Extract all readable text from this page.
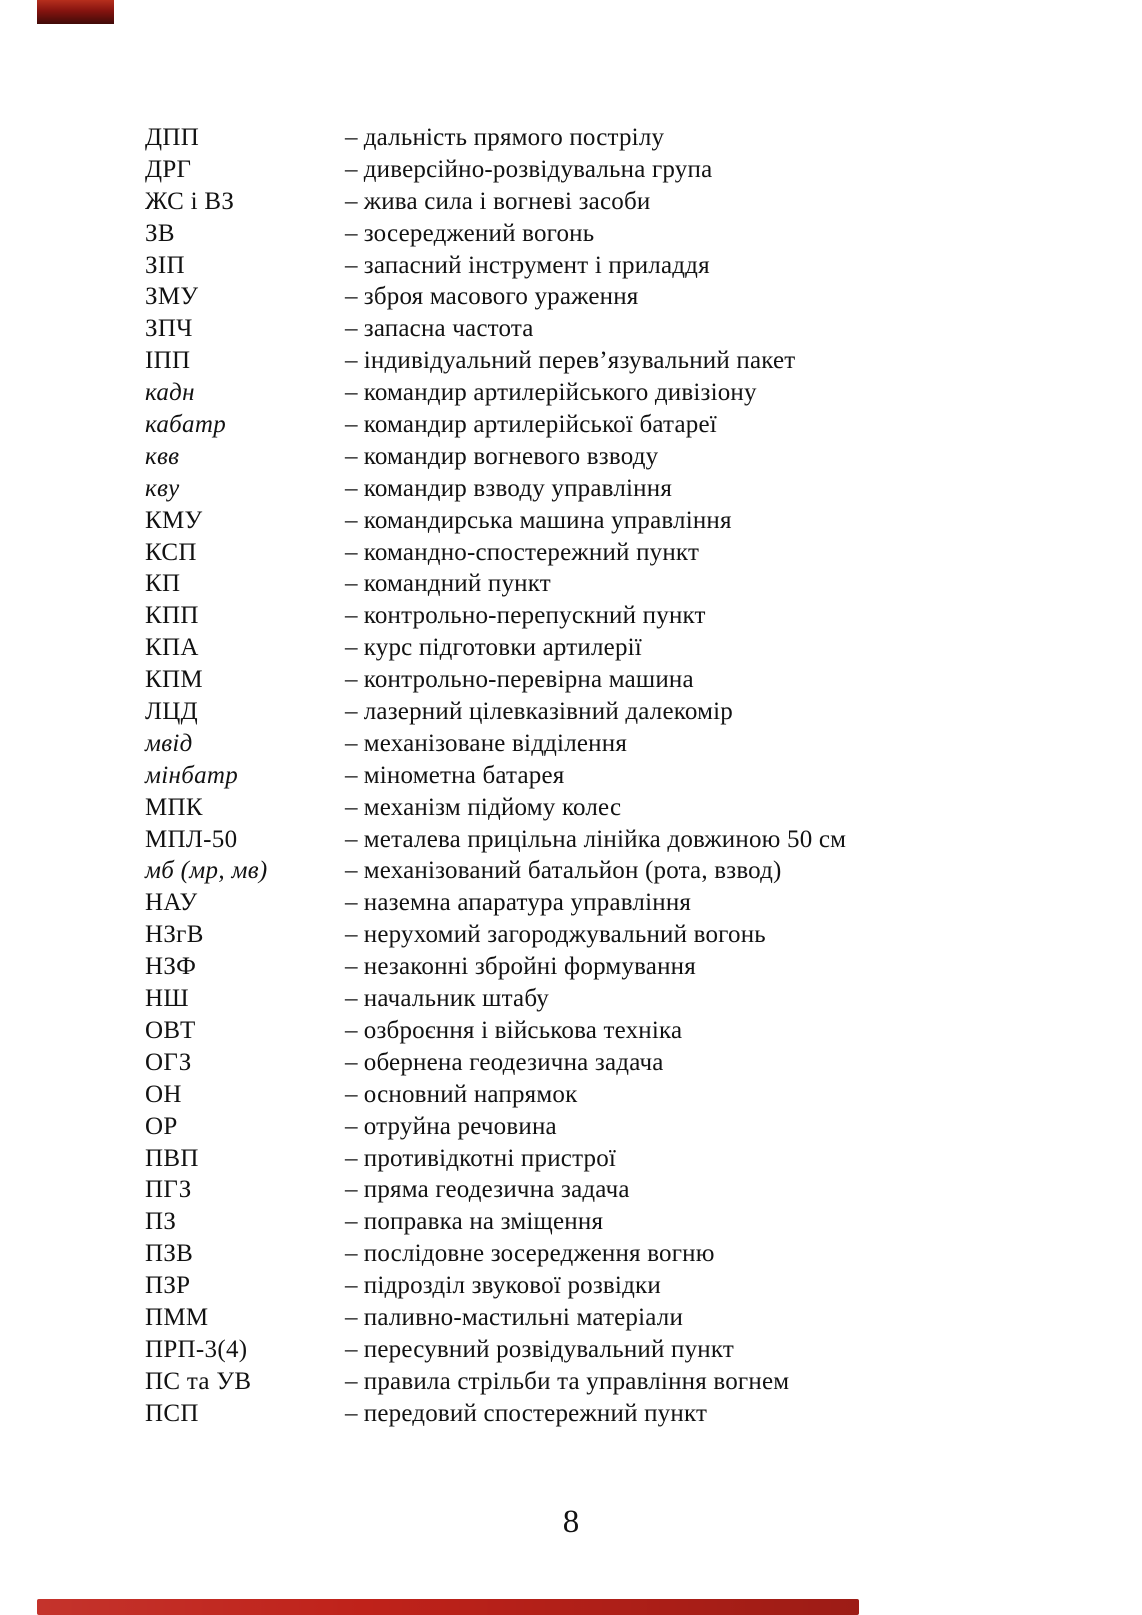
ДПП	– дальність прямого пострілу
ДРГ	– диверсійно-розвідувальна група
ЖС і ВЗ	– жива сила і вогневі засоби
ЗВ	– зосереджений вогонь
ЗІП	– запасний інструмент і приладдя
ЗМУ	– зброя масового ураження
ЗПЧ	– запасна частота
ІПП	– індивідуальний перев’язувальний пакет
кадн	– командир артилерійського дивізіону
кабатр	– командир артилерійської батареї
квв	– командир вогневого взводу
кву	– командир взводу управління
КМУ	– командирська машина управління
КСП	– командно-спостережний пункт
КП	– командний пункт
КПП	– контрольно-перепускний пункт
КПА	– курс підготовки артилерії
КПМ	– контрольно-перевірна машина
ЛЦД	– лазерний цілевказівний далекомір
мвід	– механізоване відділення
мінбатр	– мінометна батарея
МПК	– механізм підйому колес
МПЛ-50	– металева прицільна лінійка довжиною 50 см
мб (мр, мв)	– механізований батальйон (рота, взвод)
НАУ	– наземна апаратура управління
НЗгВ	– нерухомий загороджувальний вогонь
НЗФ	– незаконні збройні формування
НШ	– начальник штабу
ОВТ	– озброєння і військова техніка
ОГЗ	– обернена геодезична задача
ОН	– основний напрямок
ОР	– отруйна речовина
ПВП	– противідкотні пристрої
ПГЗ	– пряма геодезична задача
ПЗ	– поправка на зміщення
ПЗВ	– послідовне зосередження вогню
ПЗР	– підрозділ звукової розвідки
ПММ	– паливно-мастильні матеріали
ПРП-3(4)	– пересувний розвідувальний пункт
ПС та УВ	– правила стрільби та управління вогнем
ПСП	– передовий спостережний пункт
8
